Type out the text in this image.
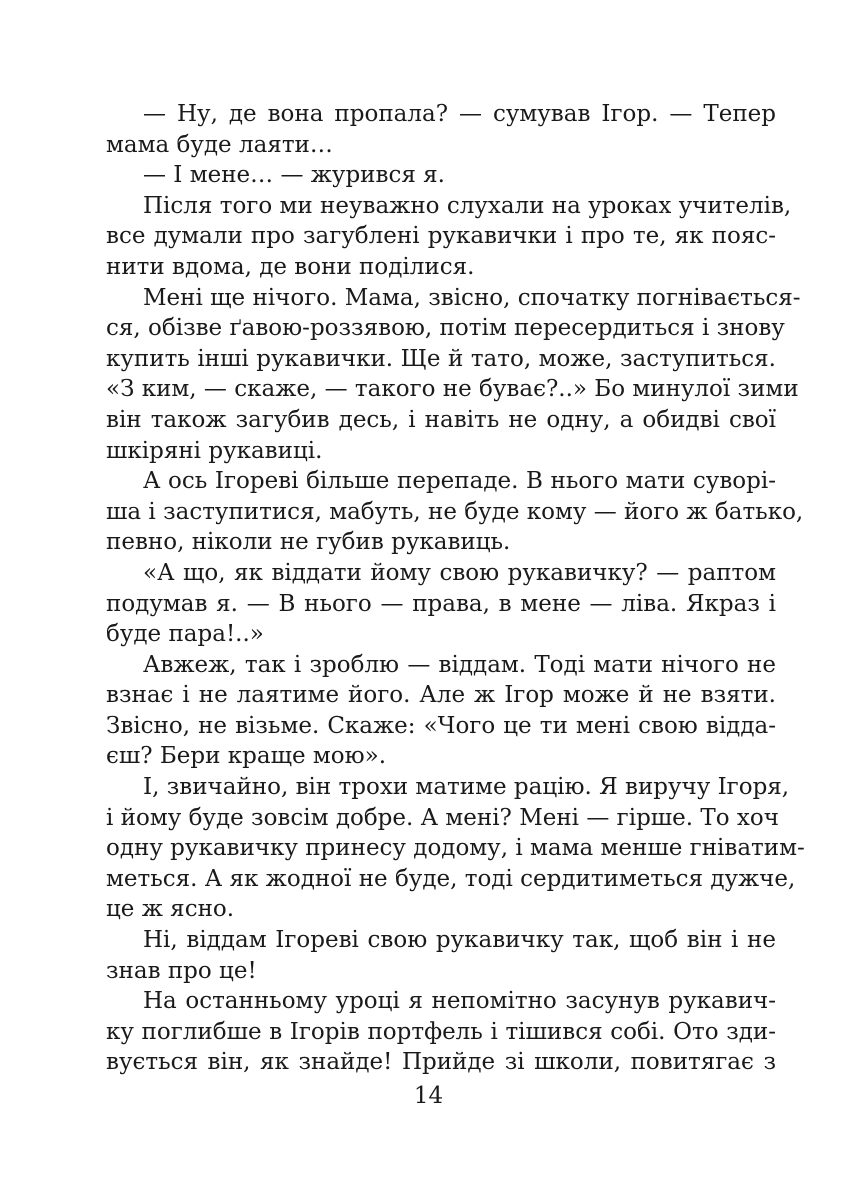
— Ну, де вона пропала? — сумував Ігор. — Тепер
мама буде лаяти…
— І мене… — журився я.
Після того ми неуважно слухали на уроках учителів,
все думали про загублені рукавички і про те, як пояс-
нити вдома, де вони поділися.
Мені ще нічого. Мама, звісно, спочатку погнівається-
ся, обізве ґавою-роззявою, потім пересердиться і знову
купить інші рукавички. Ще й тато, може, заступиться.
«З ким, — скаже, — такого не буває?..» Бо минулої зими
він також загубив десь, і навіть не одну, а обидві свої
шкіряні рукавиці.
А ось Ігореві більше перепаде. В нього мати суворі-
ша і заступитися, мабуть, не буде кому — його ж батько,
певно, ніколи не губив рукавиць.
«А що, як віддати йому свою рукавичку? — раптом
подумав я. — В нього — права, в мене — ліва. Якраз і
буде пара!..»
Авжеж, так і зроблю — віддам. Тоді мати нічого не
взнає і не лаятиме його. Але ж Ігор може й не взяти.
Звісно, не візьме. Скаже: «Чого це ти мені свою відда-
єш? Бери краще мою».
І, звичайно, він трохи матиме рацію. Я виручу Ігоря,
і йому буде зовсім добре. А мені? Мені — гірше. То хоч
одну рукавичку принесу додому, і мама менше гніватим-
меться. А як жодної не буде, тоді сердитиметься дужче,
це ж ясно.
Ні, віддам Ігореві свою рукавичку так, щоб він і не
знав про це!
На останньому уроці я непомітно засунув рукавич-
ку поглибше в Ігорів портфель і тішився собі. Ото зди-
вується він, як знайде! Прийде зі школи, повитягає з
14
